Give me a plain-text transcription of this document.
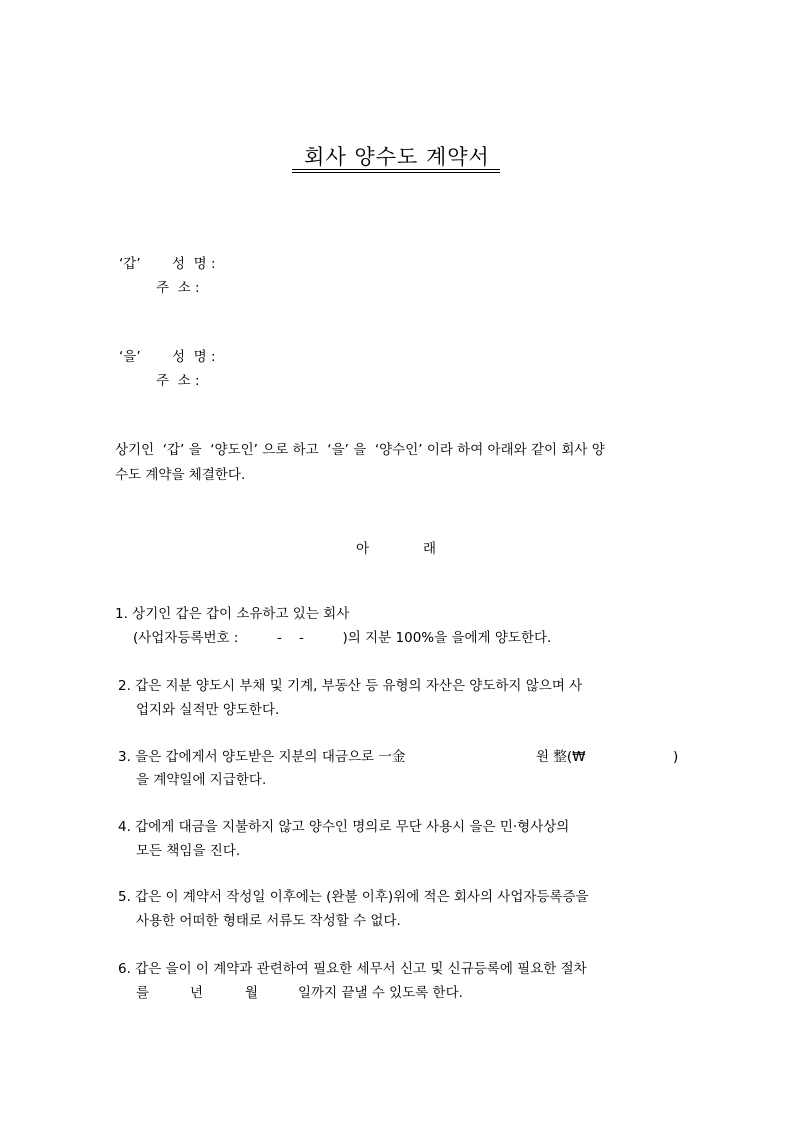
회사 양수도 계약서
‘갑’ 성  명 :
주  소 :
‘을’ 성  명 :
주  소 :
상기인  ‘갑’ 을  ‘양도인’ 으로 하고  ‘을’ 을  ‘양수인’ 이라 하여 아래와 같이 회사 양
수도 계약을 체결한다.
아	래
1. 상기인 갑은 갑이 소유하고 있는 회사
(사업자등록번호 :         -    -         )의 지분 100%을 을에게 양도한다.
2. 갑은 지분 양도시 부채 및 기계, 부동산 등 유형의 자산은 양도하지 않으며 사
업지와 실적만 양도한다.
3. 을은 갑에게서 양도받은 지분의 대금으로 一金	원 整(₩	)
을 계약일에 지급한다.
4. 갑에게 대금을 지불하지 않고 양수인 명의로 무단 사용시 을은 민·형사상의
모든 책임을 진다.
5. 갑은 이 계약서 작성일 이후에는 (완불 이후)위에 적은 회사의 사업자등록증을
사용한 어떠한 형태로 서류도 작성할 수 없다.
6. 갑은 을이 이 계약과 관련하여 필요한 세무서 신고 및 신규등록에 필요한 절차
를	년	월	일까지 끝낼 수 있도록 한다.
